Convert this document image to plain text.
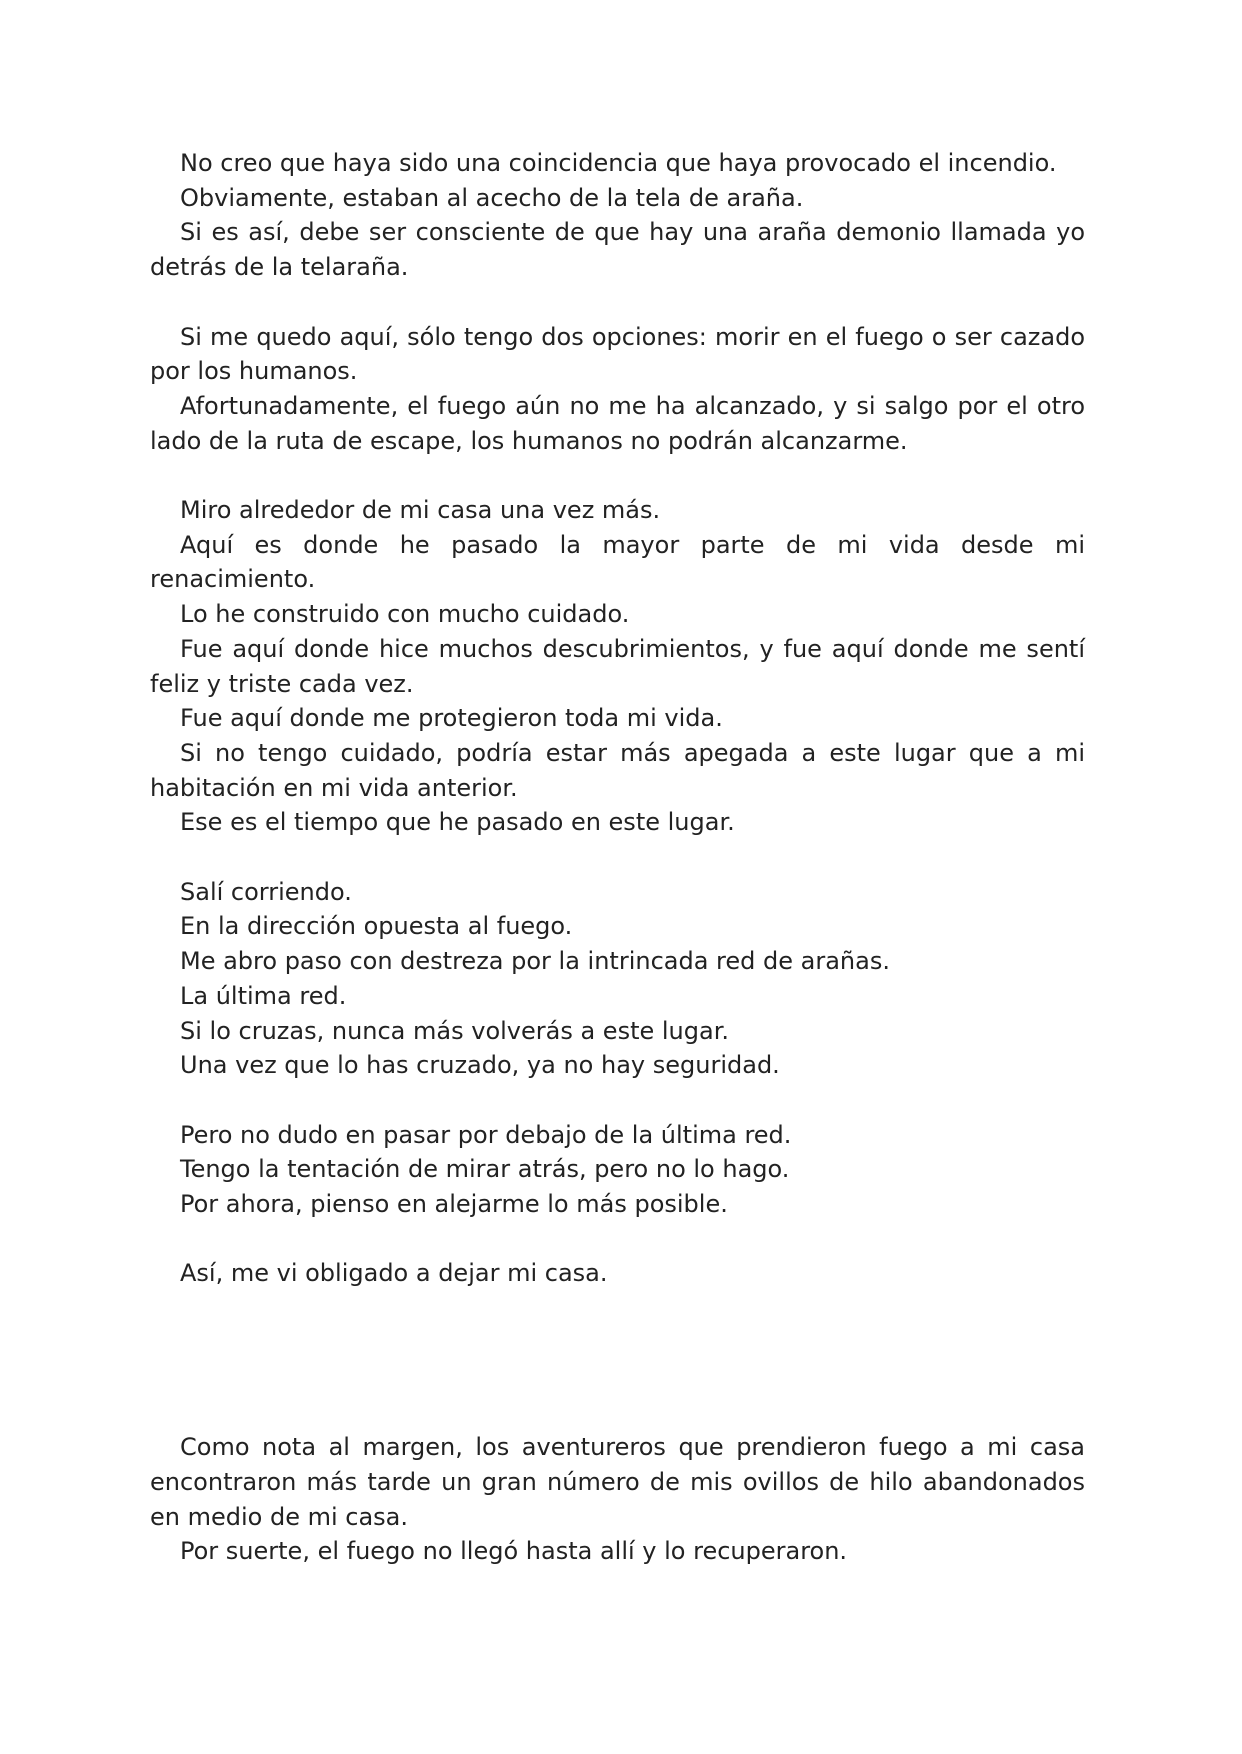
No creo que haya sido una coincidencia que haya provocado el incendio.

Obviamente, estaban al acecho de la tela de araña.

Si es así, debe ser consciente de que hay una araña demonio llamada yo detrás de la telaraña.

Si me quedo aquí, sólo tengo dos opciones: morir en el fuego o ser cazado por los humanos.

Afortunadamente, el fuego aún no me ha alcanzado, y si salgo por el otro lado de la ruta de escape, los humanos no podrán alcanzarme.

Miro alrededor de mi casa una vez más.

Aquí es donde he pasado la mayor parte de mi vida desde mi renacimiento.

Lo he construido con mucho cuidado.

Fue aquí donde hice muchos descubrimientos, y fue aquí donde me sentí feliz y triste cada vez.

Fue aquí donde me protegieron toda mi vida.

Si no tengo cuidado, podría estar más apegada a este lugar que a mi habitación en mi vida anterior.

Ese es el tiempo que he pasado en este lugar.

Salí corriendo.

En la dirección opuesta al fuego.

Me abro paso con destreza por la intrincada red de arañas.

La última red.

Si lo cruzas, nunca más volverás a este lugar.

Una vez que lo has cruzado, ya no hay seguridad.

Pero no dudo en pasar por debajo de la última red.

Tengo la tentación de mirar atrás, pero no lo hago.

Por ahora, pienso en alejarme lo más posible.

Así, me vi obligado a dejar mi casa.

Como nota al margen, los aventureros que prendieron fuego a mi casa encontraron más tarde un gran número de mis ovillos de hilo abandonados en medio de mi casa.

Por suerte, el fuego no llegó hasta allí y lo recuperaron.
